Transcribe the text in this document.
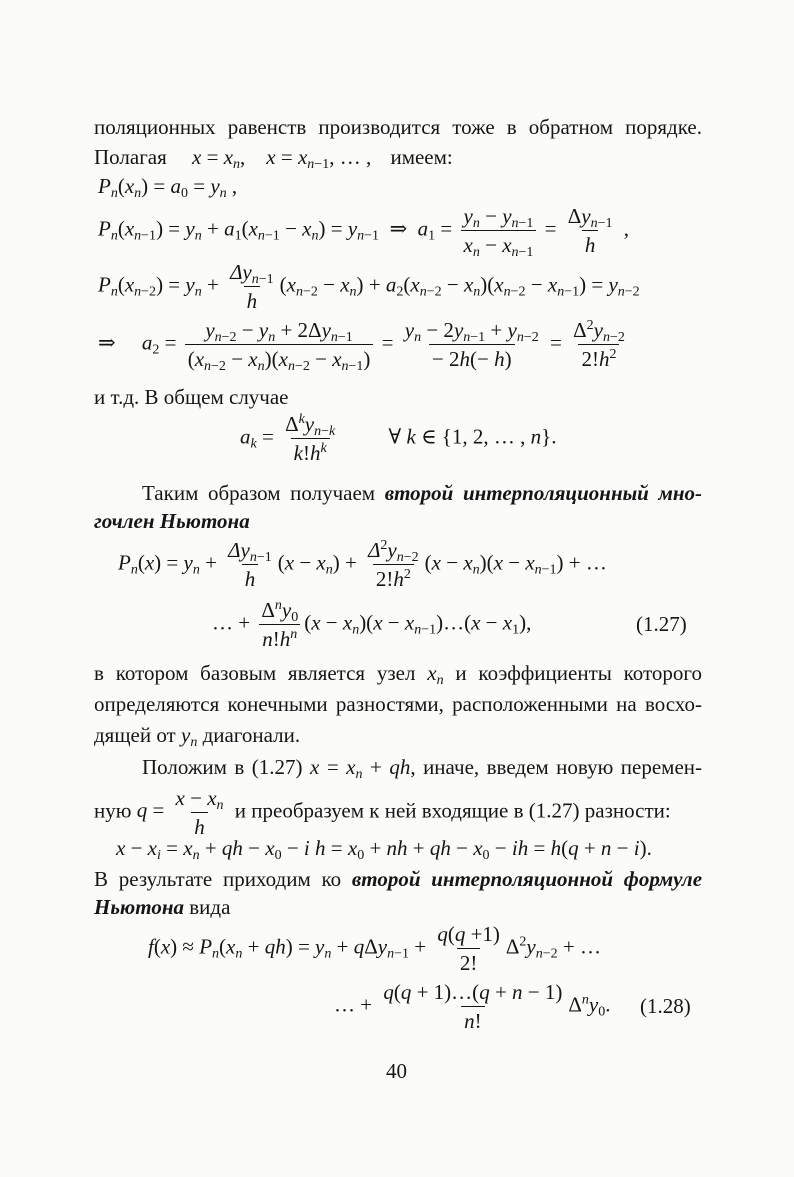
поляционных равенств производится тоже в обратном порядке.

Полагая $x = x_n$,    $x = x_{n-1}$, … , имеем:
$P_n(x_n) = a_0 = y_n$ ,
$P_n(x_{n-1}) = y_n + a_1(x_{n-1} - x_n) = y_{n-1}$  ⇒  $a_1 = \frac{y_n - y_{n-1}}{x_n - x_{n-1}}$ =
$\Delta y_{n-1}$
h
,
$P_n(x_{n-2}) = y_n$ +
$\Delta y_{n-1}$
h
$(x_{n-2} - x_n) + a_2(x_{n-2} - x_n)(x_{n-2} - x_{n-1}) = y_{n-2}$
⇒     $a_2$ =
$y_{n-2} - y_n + 2\Delta y_{n-1}$
$(x_{n-2} - x_n)(x_{n-2} - x_{n-1})$
= $\frac{y_n - 2y_{n-1} + y_{n-2}}{- 2h(- h)} = \frac{\Delta^2y_{n-2}}{2!h^2}$

и т.д. В общем случае

$a_k$ =
$\Delta^ky_{n-k}$
$k!h^k$
∀ k ∈ {1, 2, … , n}.
Таким образом получаем второй интерполяционный мно-

гочлен Ньютона

$P_n(x) = y_n$ +
$\Delta y_{n-1}$
h
$(x - x_n) + \frac{\Delta^2y_{n-2}}{2!h^2} (x - x_n)(x - x_{n-1})$ + …
… +
$\Delta^ny_0$
$n!h^n$
$(x - x_n)(x$ − $x_{n-1})\dots(x - x_1)$,	(1.27)
в котором базовым является узел $x_n$ и коэффициенты которого

определяются конечными разностями, расположенными на восхо-

дящей от $y_n$ диагонали.
Положим в (1.27) $x = x_n$ + qh, иначе, введем новую перемен-
ную $q = \frac{x - x_n}{h}$ и преобразуем к ней входящие в (1.27) разности:
$x - x_i = x_n$ + qh − $x_0 - i$ $h = x_0$ + nh + qh − $x_0$ − ih = h(q + n − i).
В результате приходим ко второй интерполяционной формуле
Ньютона вида
$f(x) \approx P_n(x_n + qh) = y_n + q\Delta y_{n-1} + \frac{q(q +1)}{2!} \Delta^2y_{n-2}$ + …
… + $\frac{q(q + 1)\dots(q + n - 1)}{n!} \Delta^ny_0$. (1.28)

40
